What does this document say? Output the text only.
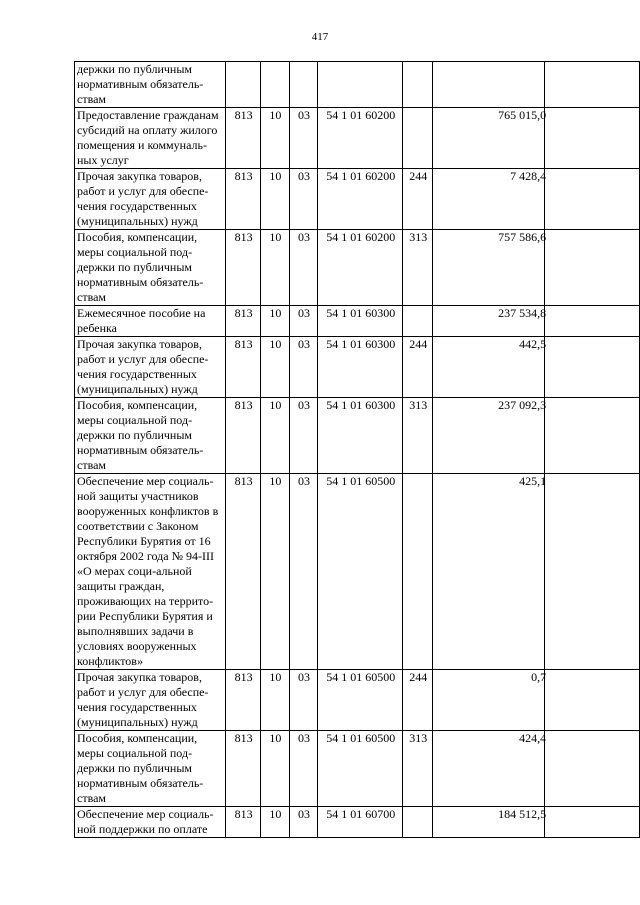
417
держки по публичным нормативным обязатель-ствам							
Предоставление гражданам субсидий на оплату жилого помещения и коммуналь-ных услуг	813	10	03	54 1 01 60200		765 015,0	
Прочая закупка товаров, работ и услуг для обеспе-чения государственных (муниципальных) нужд	813	10	03	54 1 01 60200	244	7 428,4	
Пособия, компенсации, меры социальной под-держки по публичным нормативным обязатель-ствам	813	10	03	54 1 01 60200	313	757 586,6	
Ежемесячное пособие на ребенка	813	10	03	54 1 01 60300		237 534,8	
Прочая закупка товаров, работ и услуг для обеспе-чения государственных (муниципальных) нужд	813	10	03	54 1 01 60300	244	442,5	
Пособия, компенсации, меры социальной под-держки по публичным нормативным обязатель-ствам	813	10	03	54 1 01 60300	313	237 092,3	
Обеспечение мер социаль-ной защиты участников вооруженных конфликтов в соответствии с Законом Республики Бурятия от 16 октября 2002 года № 94-III «О мерах соци-альной защиты граждан, проживающих на террито-рии Республики Бурятия и выполнявших задачи в условиях вооруженных конфликтов»	813	10	03	54 1 01 60500		425,1	
Прочая закупка товаров, работ и услуг для обеспе-чения государственных (муниципальных) нужд	813	10	03	54 1 01 60500	244	0,7	
Пособия, компенсации, меры социальной под-держки по публичным нормативным обязатель-ствам	813	10	03	54 1 01 60500	313	424,4	
Обеспечение мер социаль-ной поддержки по оплате	813	10	03	54 1 01 60700		184 512,5	
